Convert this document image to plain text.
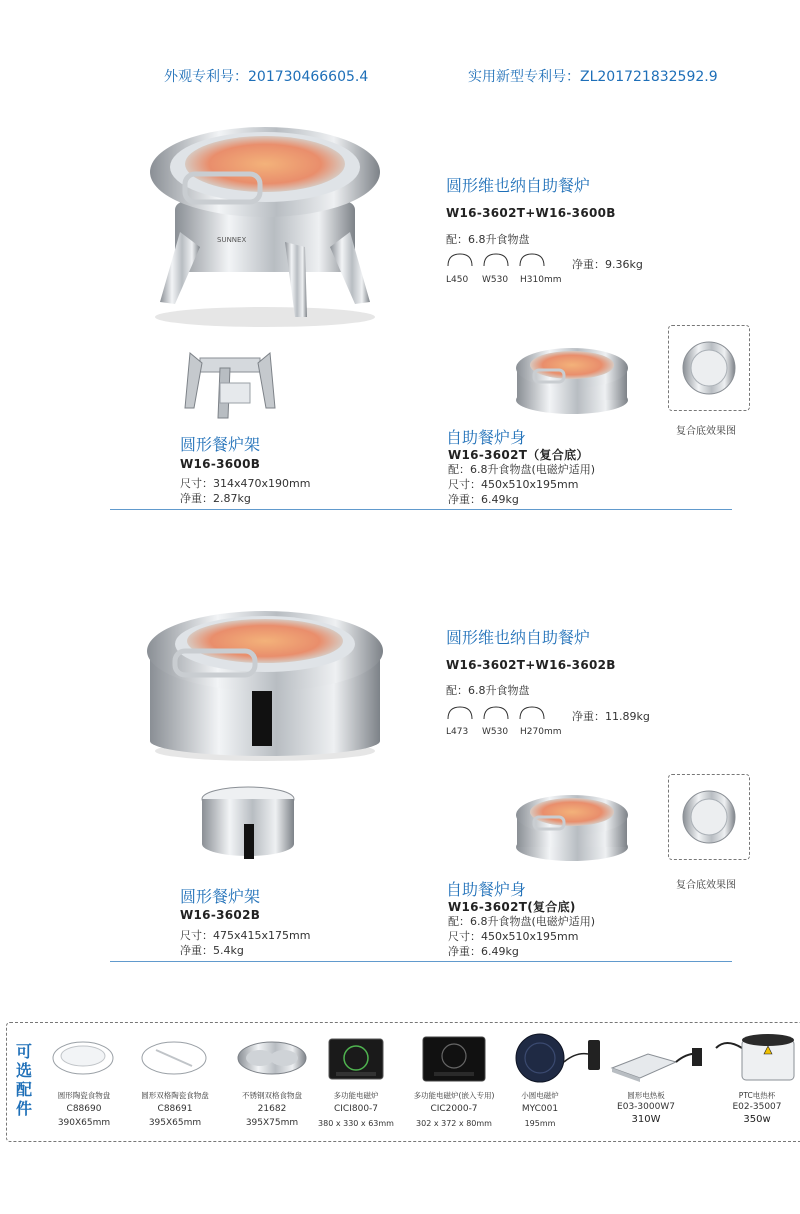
外观专利号：201730466605.4	实用新型专利号：ZL201721832592.9
SUNNEX
复合底效果图
圆形维也纳自助餐炉
W16-3602T+W16-3600B
配：6.8升食物盘
L450 W530 H310mm
净重：9.36kg
圆形餐炉架
W16-3600B
尺寸：314x470x190mm
净重：2.87kg
自助餐炉身
W16-3602T（复合底）
配：6.8升食物盘(电磁炉适用)
尺寸：450x510x195mm
净重：6.49kg
复合底效果图
圆形维也纳自助餐炉
W16-3602T+W16-3602B
配：6.8升食物盘
L473 W530 H270mm
净重：11.89kg
圆形餐炉架
W16-3602B
尺寸：475x415x175mm
净重：5.4kg
自助餐炉身
W16-3602T(复合底)
配：6.8升食物盘(电磁炉适用)
尺寸：450x510x195mm
净重：6.49kg
可
选
配
件
圆形陶瓷食物盘
C88690
390X65mm
圆形双格陶瓷食物盘
C88691
395X65mm
不锈钢双格食物盘
21682
395X75mm
多功能电磁炉
CICI800-7
380 x 330 x 63mm
多功能电磁炉(嵌入专用)
CIC2000-7
302 x 372 x 80mm
小圆电磁炉
MYC001
195mm
圆形电热板
E03-3000W7
310W
PTC电热杯
E02-35007
350w
